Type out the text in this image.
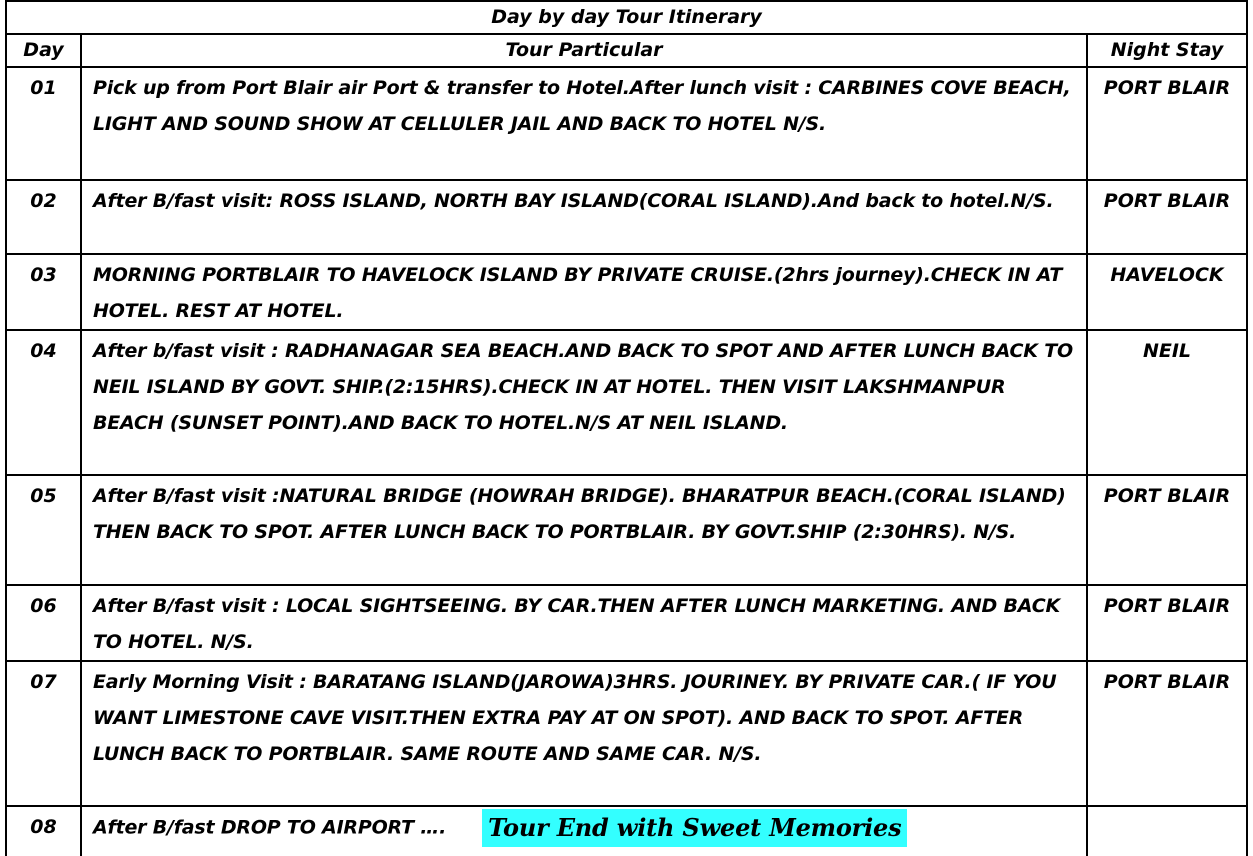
Day by day Tour Itinerary		
Day	Tour Particular	Night Stay
01	Pick up from Port Blair air Port & transfer to Hotel.After lunch visit : CARBINES COVE BEACH, LIGHT AND SOUND SHOW AT CELLULER JAIL AND BACK TO HOTEL N/S.	PORT BLAIR
02	After B/fast visit: ROSS ISLAND, NORTH BAY ISLAND(CORAL ISLAND).And back to hotel.N/S.	PORT BLAIR
03	MORNING PORTBLAIR TO HAVELOCK ISLAND BY PRIVATE CRUISE.(2hrs journey).CHECK IN AT HOTEL. REST AT HOTEL.	HAVELOCK
04	After b/fast visit : RADHANAGAR SEA BEACH.AND BACK TO SPOT AND AFTER LUNCH BACK TO NEIL ISLAND BY GOVT. SHIP.(2:15HRS).CHECK IN AT HOTEL. THEN VISIT LAKSHMANPUR BEACH (SUNSET POINT).AND BACK TO HOTEL.N/S AT NEIL ISLAND.	NEIL
05	After B/fast visit :NATURAL BRIDGE (HOWRAH BRIDGE). BHARATPUR BEACH.(CORAL ISLAND) THEN BACK TO SPOT. AFTER LUNCH BACK TO PORTBLAIR. BY GOVT.SHIP (2:30HRS). N/S.	PORT BLAIR
06	After B/fast visit : LOCAL SIGHTSEEING. BY CAR.THEN AFTER LUNCH MARKETING. AND BACK TO HOTEL. N/S.	PORT BLAIR
07	Early Morning Visit : BARATANG ISLAND(JAROWA)3HRS. JOURINEY. BY PRIVATE CAR.( IF YOU WANT LIMESTONE CAVE VISIT.THEN EXTRA PAY AT ON SPOT). AND BACK TO SPOT. AFTER LUNCH BACK TO PORTBLAIR. SAME ROUTE AND SAME CAR. N/S.	PORT BLAIR
08	After B/fast DROP TO AIRPORT …. Tour End with Sweet Memories	
